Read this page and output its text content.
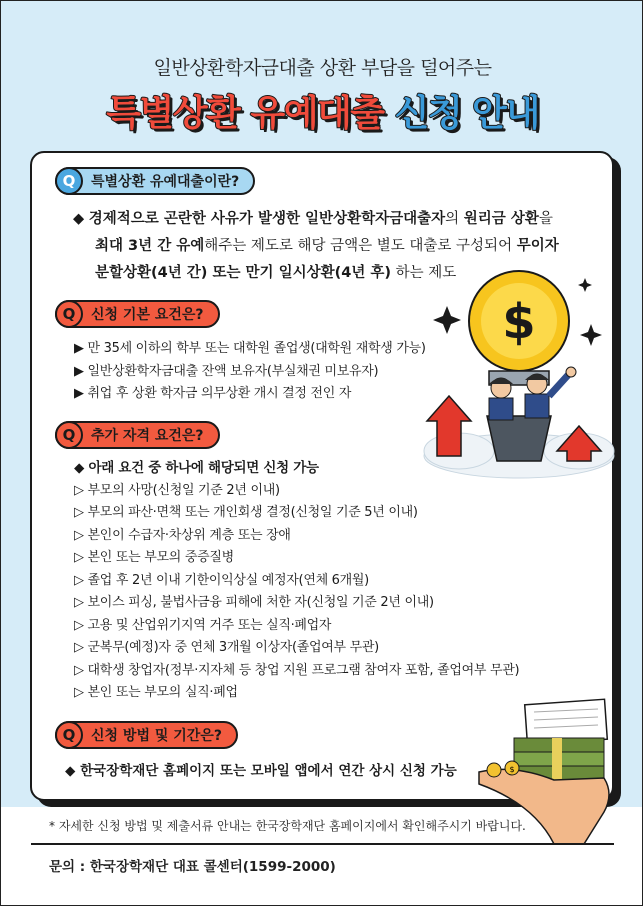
일반상환학자금대출 상환 부담을 덜어주는
특별상환 유예대출 신청 안내
Q	특별상환 유예대출이란?
◆ 경제적으로 곤란한 사유가 발생한 일반상환학자금대출자의 원리금 상환을
최대 3년 간 유예해주는 제도로 해당 금액은 별도 대출로 구성되어 무이자
분할상환(4년 간) 또는 만기 일시상환(4년 후) 하는 제도
Q	신청 기본 요건은?
▶ 만 35세 이하의 학부 또는 대학원 졸업생(대학원 재학생 가능)
▶ 일반상환학자금대출 잔액 보유자(부실채권 미보유자)
▶ 취업 후 상환 학자금 의무상환 개시 결정 전인 자
Q	추가 자격 요건은?
◆ 아래 요건 중 하나에 해당되면 신청 가능
▷ 부모의 사망(신청일 기준 2년 이내)
▷ 부모의 파산·면책 또는 개인회생 결정(신청일 기준 5년 이내)
▷ 본인이 수급자·차상위 계층 또는 장애
▷ 본인 또는 부모의 중증질병
▷ 졸업 후 2년 이내 기한이익상실 예정자(연체 6개월)
▷ 보이스 피싱, 불법사금융 피해에 처한 자(신청일 기준 2년 이내)
▷ 고용 및 산업위기지역 거주 또는 실직·폐업자
▷ 군복무(예정)자 중 연체 3개월 이상자(졸업여부 무관)
▷ 대학생 창업자(정부·지자체 등 창업 지원 프로그램 참여자 포함, 졸업여부 무관)
▷ 본인 또는 부모의 실직·폐업
Q	신청 방법 및 기간은?
◆ 한국장학재단 홈페이지 또는 모바일 앱에서 연간 상시 신청 가능
$
$
* 자세한 신청 방법 및 제출서류 안내는 한국장학재단 홈페이지에서 확인해주시기 바랍니다.
문의 : 한국장학재단 대표 콜센터(1599-2000)
